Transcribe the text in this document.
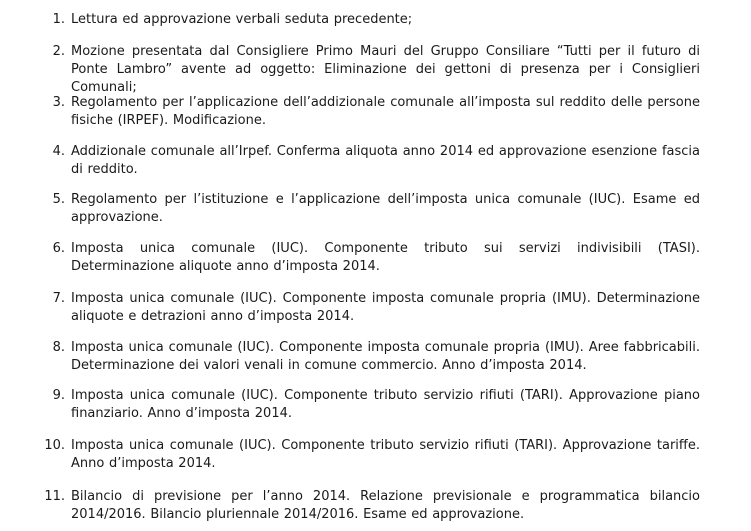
1. Lettura ed approvazione verbali seduta precedente;
2. Mozione presentata dal Consigliere Primo Mauri del Gruppo Consiliare “Tutti per il futuro di Ponte Lambro” avente ad oggetto: Eliminazione dei gettoni di presenza per i Consiglieri Comunali;
3. Regolamento per l’applicazione dell’addizionale comunale all’imposta sul reddito delle persone fisiche (IRPEF). Modificazione.
4. Addizionale comunale all’Irpef. Conferma aliquota anno 2014 ed approvazione esenzione fascia di reddito.
5. Regolamento per l’istituzione e l’applicazione dell’imposta unica comunale (IUC). Esame ed approvazione.
6. Imposta unica comunale (IUC). Componente tributo sui servizi indivisibili (TASI). Determinazione aliquote anno d’imposta 2014.
7. Imposta unica comunale (IUC). Componente imposta comunale propria (IMU). Determinazione aliquote e detrazioni anno d’imposta 2014.
8. Imposta unica comunale (IUC). Componente imposta comunale propria (IMU). Aree fabbricabili. Determinazione dei valori venali in comune commercio. Anno d’imposta 2014.
9. Imposta unica comunale (IUC). Componente tributo servizio rifiuti (TARI). Approvazione piano finanziario. Anno d’imposta 2014.
10. Imposta unica comunale (IUC). Componente tributo servizio rifiuti (TARI). Approvazione tariffe. Anno d’imposta 2014.
11. Bilancio di previsione per l’anno 2014. Relazione previsionale e programmatica bilancio 2014/2016. Bilancio pluriennale 2014/2016. Esame ed approvazione.
